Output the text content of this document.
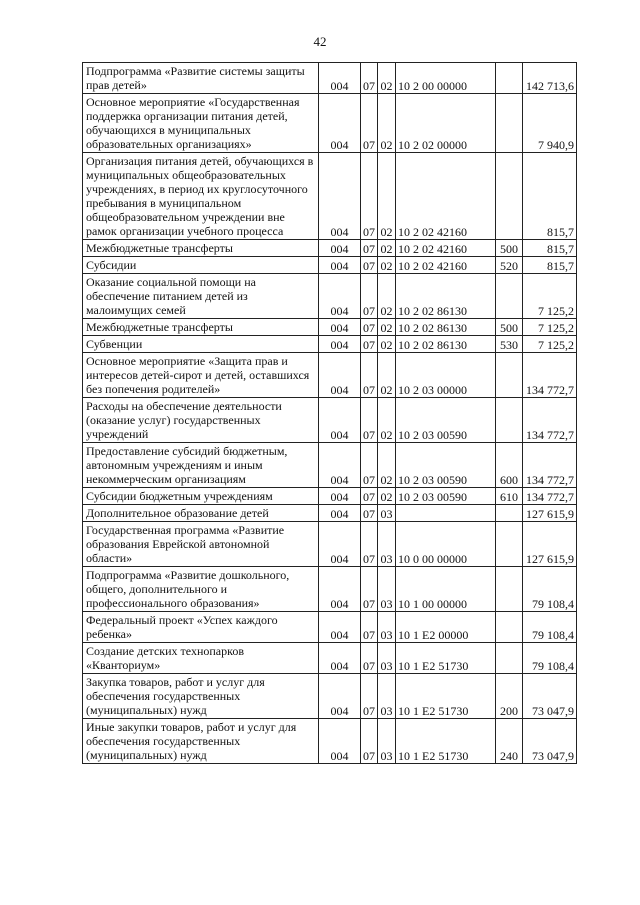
42
Подпрограмма «Развитие системы защиты прав детей»	004	07	02	10 2 00 00000		142 713,6
Основное мероприятие «Государственная поддержка организации питания детей, обучающихся в муниципальных образовательных организациях»	004	07	02	10 2 02 00000		7 940,9
Организация питания детей, обучающихся в муниципальных общеобразовательных учреждениях, в период их круглосуточного пребывания в муниципальном общеобразовательном учреждении вне рамок организации учебного процесса	004	07	02	10 2 02 42160		815,7
Межбюджетные трансферты	004	07	02	10 2 02 42160	500	815,7
Субсидии	004	07	02	10 2 02 42160	520	815,7
Оказание социальной помощи на обеспечение питанием детей из малоимущих семей	004	07	02	10 2 02 86130		7 125,2
Межбюджетные трансферты	004	07	02	10 2 02 86130	500	7 125,2
Субвенции	004	07	02	10 2 02 86130	530	7 125,2
Основное мероприятие «Защита прав и интересов детей-сирот и детей, оставшихся без попечения родителей»	004	07	02	10 2 03 00000		134 772,7
Расходы на обеспечение деятельности (оказание услуг) государственных учреждений	004	07	02	10 2 03 00590		134 772,7
Предоставление субсидий бюджетным, автономным учреждениям и иным некоммерческим организациям	004	07	02	10 2 03 00590	600	134 772,7
Субсидии бюджетным учреждениям	004	07	02	10 2 03 00590	610	134 772,7
Дополнительное образование детей	004	07	03			127 615,9
Государственная программа «Развитие образования Еврейской автономной области»	004	07	03	10 0 00 00000		127 615,9
Подпрограмма «Развитие дошкольного, общего, дополнительного и профессионального образования»	004	07	03	10 1 00 00000		79 108,4
Федеральный проект «Успех каждого ребенка»	004	07	03	10 1 E2 00000		79 108,4
Создание детских технопарков «Кванториум»	004	07	03	10 1 E2 51730		79 108,4
Закупка товаров, работ и услуг для обеспечения государственных (муниципальных) нужд	004	07	03	10 1 E2 51730	200	73 047,9
Иные закупки товаров, работ и услуг для обеспечения государственных (муниципальных) нужд	004	07	03	10 1 E2 51730	240	73 047,9
